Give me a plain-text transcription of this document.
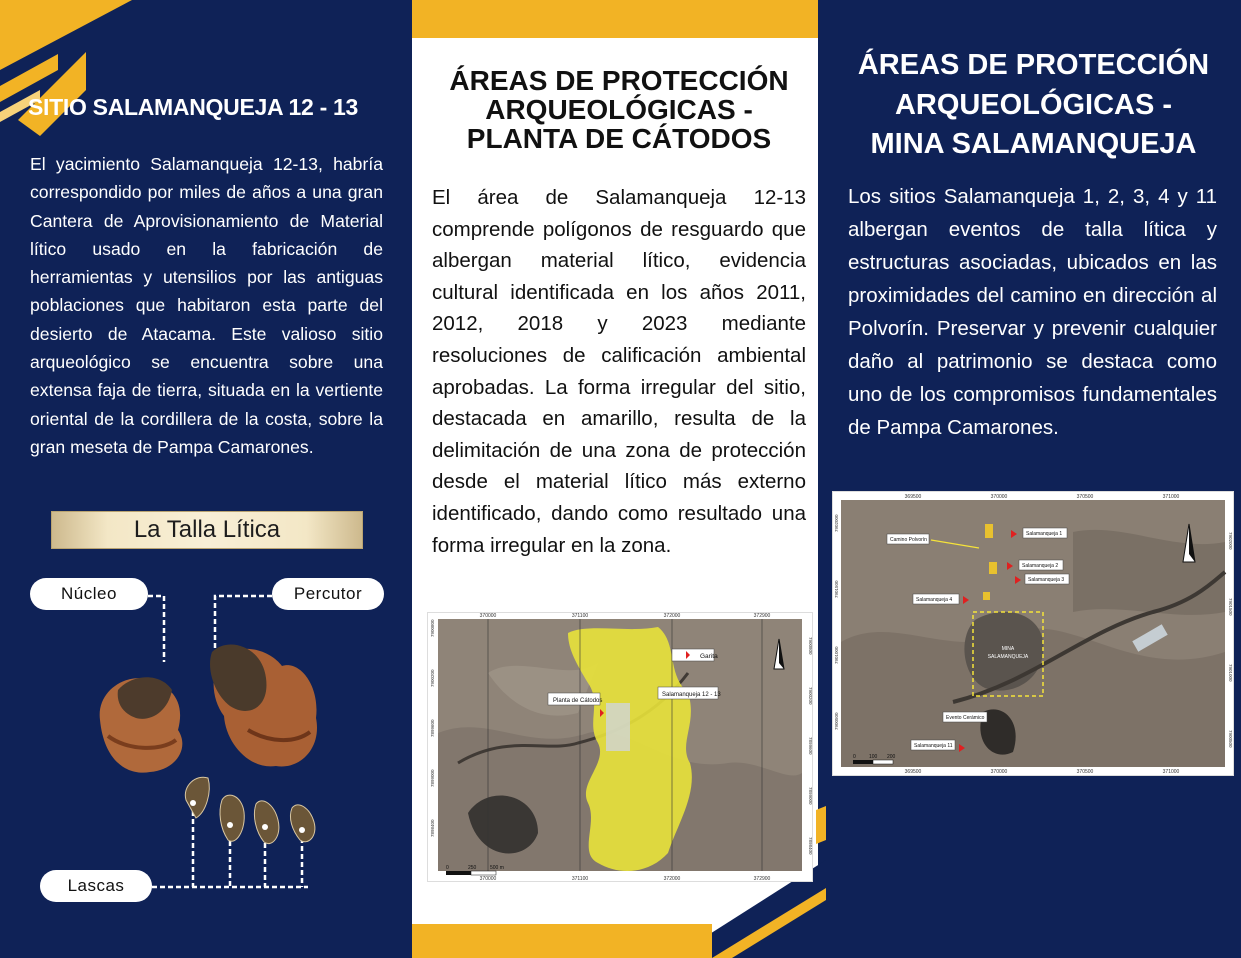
SITIO SALAMANQUEJA 12 - 13

El yacimiento Salamanqueja 12-13, habría correspondido por miles de años a una gran Cantera de Aprovisionamiento de Material lítico usado en la fabricación de herramientas y utensilios por las antiguas poblaciones que habitaron esta parte del desierto de Atacama. Este valioso sitio arqueológico se encuentra sobre una extensa faja de tierra, situada en la vertiente oriental de la cordillera de la costa, sobre la gran meseta de Pampa Camarones.

La Talla Lítica
Núcleo	Percutor
Lascas
ÁREAS DE PROTECCIÓN ARQUEOLÓGICAS - PLANTA DE CÁTODOS

El área de Salamanqueja 12-13 comprende polígonos de resguardo que albergan material lítico, evidencia cultural identificada en los años 2011, 2012, 2018 y 2023 mediante resoluciones de calificación ambiental aprobadas. La forma irregular del sitio, destacada en amarillo, resulta de la delimitación de una zona de protección desde el material lítico más externo identificado, dando como resultado una forma irregular en la zona.

ÁREAS DE PROTECCIÓN
ARQUEOLÓGICAS -
MINA SALAMANQUEJA

Los sitios Salamanqueja 1, 2, 3, 4 y 11 albergan eventos de talla lítica y estructuras asociadas, ubicados en las proximidades del camino en dirección al Polvorín. Preservar y prevenir cualquier daño al patrimonio se destaca como uno de los compromisos fundamentales de Pampa Camarones.

Garita
Planta de Cátodos
Salamanqueja 12 - 13
370000	371100	372000	372900
370000	371100	372000	372900
7900800
7900200
7899600
7899000
7898400
7900800
7900200
7899600
7899000
7898400
0	250	500 m
MINA
SALAMANQUEJA
Salamanqueja 1
Salamanqueja 2
Salamanqueja 3
Salamanqueja 4
Camino Polvorín
Evento Cerámico
Salamanqueja 11
369500	370000	370500	371000
369500	370000	370500	371000
7902000
7901500
7901000
7900500
7902000
7901500
7901000
7900500
0	100 200
